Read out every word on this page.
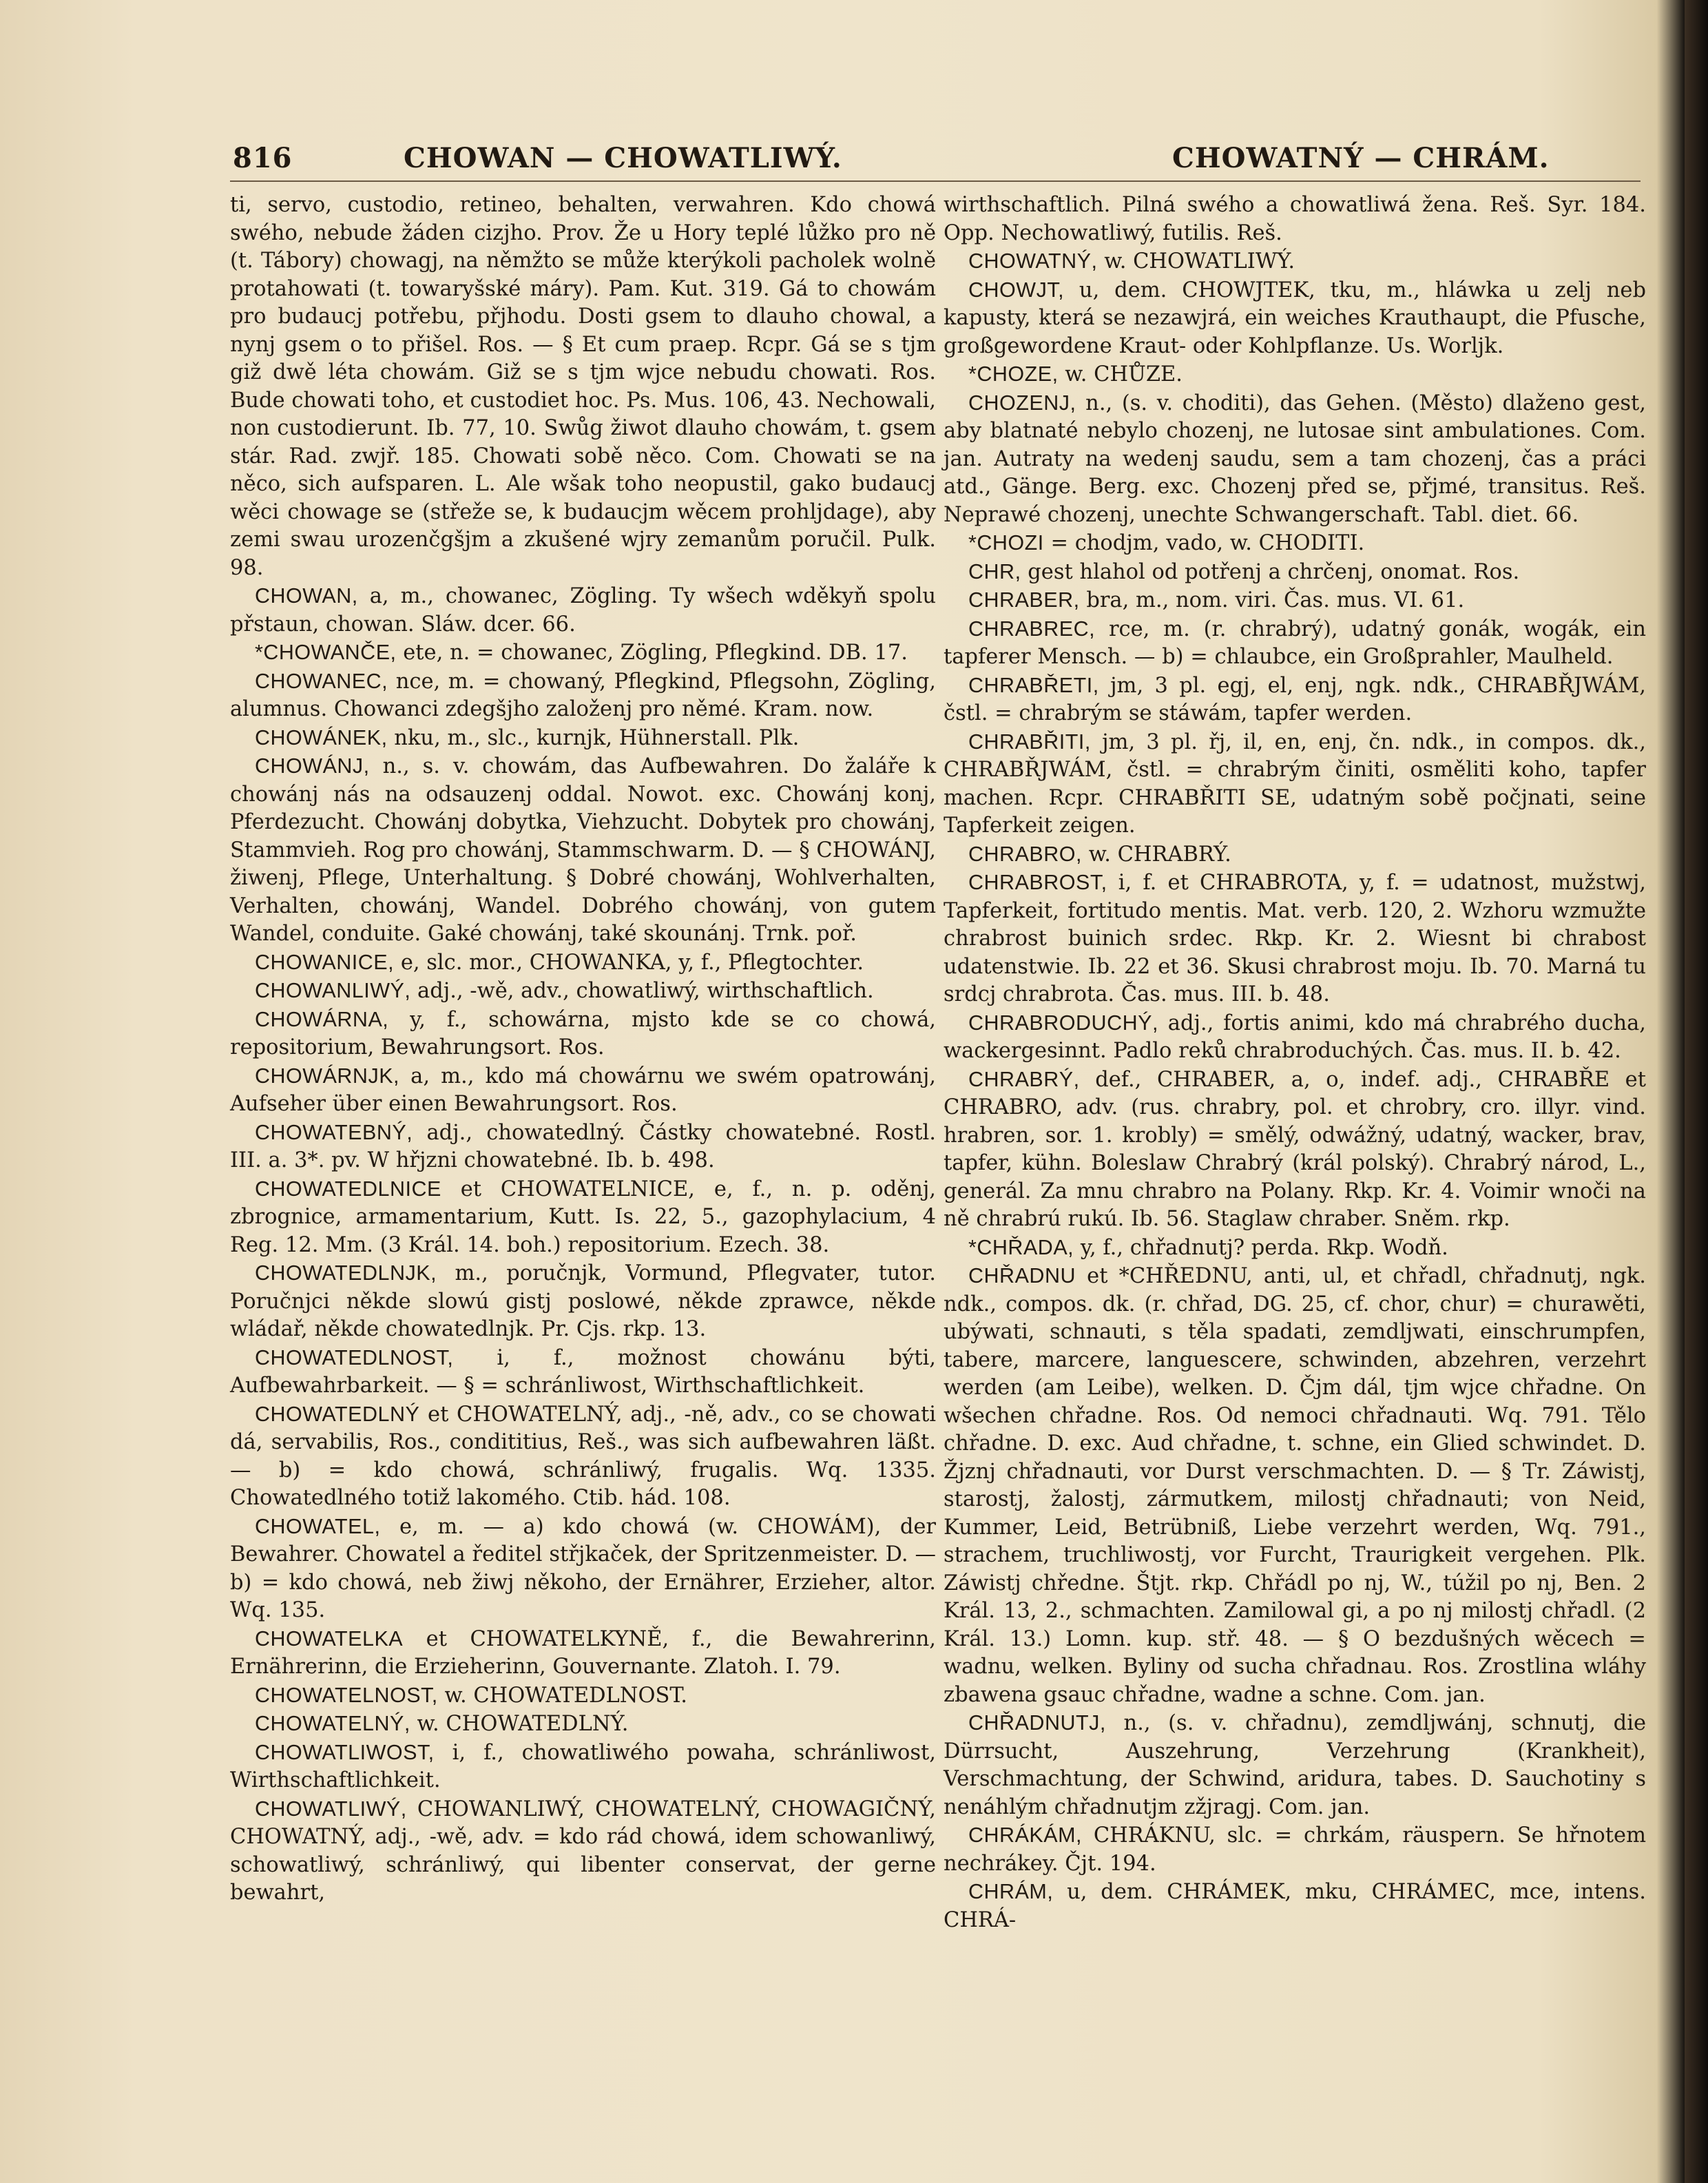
816	CHOWAN — CHOWATLIWÝ.	CHOWATNÝ — CHRÁM.

ti, servo, custodio, retineo, behalten, verwahren. Kdo chowá swého, nebude žáden cizjho. Prov. Že u Hory teplé lůžko pro ně (t. Tábory) chowagj, na němžto se může kterýkoli pacholek wolně protahowati (t. towaryšské máry). Pam. Kut. 319. Gá to chowám pro budaucj potřebu, přjhodu. Dosti gsem to dlauho chowal, a nynj gsem o to přišel. Ros. — § Et cum praep. Rcpr. Gá se s tjm giž dwě léta chowám. Giž se s tjm wjce nebudu chowati. Ros. Bude chowati toho, et custodiet hoc. Ps. Mus. 106, 43. Nechowali, non custodierunt. Ib. 77, 10. Swůg žiwot dlauho chowám, t. gsem stár. Rad. zwjř. 185. Chowati sobě něco. Com. Chowati se na něco, sich aufsparen. L. Ale wšak toho neopustil, gako budaucj wěci chowage se (střeže se, k budaucjm wěcem prohljdage), aby zemi swau urozenčgšjm a zkušené wjry zemanům poručil. Pulk. 98.

CHOWAN, a, m., chowanec, Zögling. Ty wšech wděkyň spolu přstaun, chowan. Sláw. dcer. 66.

*CHOWANČE, ete, n. = chowanec, Zögling, Pflegkind. DB. 17.

CHOWANEC, nce, m. = chowaný, Pflegkind, Pflegsohn, Zögling, alumnus. Chowanci zdegšjho založenj pro němé. Kram. now.

CHOWÁNEK, nku, m., slc., kurnjk, Hühnerstall. Plk.

CHOWÁNJ, n., s. v. chowám, das Aufbewahren. Do žaláře k chowánj nás na odsauzenj oddal. Nowot. exc. Chowánj konj, Pferdezucht. Chowánj dobytka, Viehzucht. Dobytek pro chowánj, Stammvieh. Rog pro chowánj, Stammschwarm. D. — § CHOWÁNJ, žiwenj, Pflege, Unterhaltung. § Dobré chowánj, Wohlverhalten, Verhalten, chowánj, Wandel. Dobrého chowánj, von gutem Wandel, conduite. Gaké chowánj, také skounánj. Trnk. poř.

CHOWANICE, e, slc. mor., CHOWANKA, y, f., Pflegtochter.

CHOWANLIWÝ, adj., -wě, adv., chowatliwý, wirthschaftlich.

CHOWÁRNA, y, f., schowárna, mjsto kde se co chowá, repositorium, Bewahrungsort. Ros.

CHOWÁRNJK, a, m., kdo má chowárnu we swém opatrowánj, Aufseher über einen Bewahrungsort. Ros.

CHOWATEBNÝ, adj., chowatedlný. Částky chowatebné. Rostl. III. a. 3*. pv. W hřjzni chowatebné. Ib. b. 498.

CHOWATEDLNICE et CHOWATELNICE, e, f., n. p. oděnj, zbrognice, armamentarium, Kutt. Is. 22, 5., gazophylacium, 4 Reg. 12. Mm. (3 Král. 14. boh.) repositorium. Ezech. 38.

CHOWATEDLNJK, m., poručnjk, Vormund, Pflegvater, tutor. Poručnjci někde slowú gistj poslowé, někde zprawce, někde wládař, někde chowatedlnjk. Pr. Cjs. rkp. 13.

CHOWATEDLNOST, i, f., možnost chowánu býti, Aufbewahrbarkeit. — § = schránliwost, Wirthschaftlichkeit.

CHOWATEDLNÝ et CHOWATELNÝ, adj., -ně, adv., co se chowati dá, servabilis, Ros., condititius, Reš., was sich aufbewahren läßt. — b) = kdo chowá, schránliwý, frugalis. Wq. 1335. Chowatedlného totiž lakomého. Ctib. hád. 108.

CHOWATEL, e, m. — a) kdo chowá (w. CHOWÁM), der Bewahrer. Chowatel a ředitel střjkaček, der Spritzenmeister. D. — b) = kdo chowá, neb žiwj někoho, der Ernährer, Erzieher, altor. Wq. 135.

CHOWATELKA et CHOWATELKYNĚ, f., die Bewahrerinn, Ernährerinn, die Erzieherinn, Gouvernante. Zlatoh. I. 79.

CHOWATELNOST, w. CHOWATEDLNOST.

CHOWATELNÝ, w. CHOWATEDLNÝ.

CHOWATLIWOST, i, f., chowatliwého powaha, schránliwost, Wirthschaftlichkeit.

CHOWATLIWÝ, CHOWANLIWÝ, CHOWATELNÝ, CHOWAGIČNÝ, CHOWATNÝ, adj., -wě, adv. = kdo rád chowá, idem schowanliwý, schowatliwý, schránliwý, qui libenter conservat, der gerne bewahrt,

wirthschaftlich. Pilná swého a chowatliwá žena. Reš. Syr. 184. Opp. Nechowatliwý, futilis. Reš.

CHOWATNÝ, w. CHOWATLIWÝ.

CHOWJT, u, dem. CHOWJTEK, tku, m., hláwka u zelj neb kapusty, která se nezawjrá, ein weiches Krauthaupt, die Pfusche, großgewordene Kraut- oder Kohlpflanze. Us. Worljk.

*CHOZE, w. CHŮZE.

CHOZENJ, n., (s. v. choditi), das Gehen. (Město) dlaženo gest, aby blatnaté nebylo chozenj, ne lutosae sint ambulationes. Com. jan. Autraty na wedenj saudu, sem a tam chozenj, čas a práci atd., Gänge. Berg. exc. Chozenj před se, přjmé, transitus. Reš. Neprawé chozenj, unechte Schwangerschaft. Tabl. diet. 66.

*CHOZI = chodjm, vado, w. CHODITI.

CHR, gest hlahol od potřenj a chrčenj, onomat. Ros.

CHRABER, bra, m., nom. viri. Čas. mus. VI. 61.

CHRABREC, rce, m. (r. chrabrý), udatný gonák, wogák, ein tapferer Mensch. — b) = chlaubce, ein Großprahler, Maulheld.

CHRABŘETI, jm, 3 pl. egj, el, enj, ngk. ndk., CHRABŘJWÁM, čstl. = chrabrým se stáwám, tapfer werden.

CHRABŘITI, jm, 3 pl. řj, il, en, enj, čn. ndk., in compos. dk., CHRABŘJWÁM, čstl. = chrabrým činiti, osměliti koho, tapfer machen. Rcpr. CHRABŘITI SE, udatným sobě počjnati, seine Tapferkeit zeigen.

CHRABRO, w. CHRABRÝ.

CHRABROST, i, f. et CHRABROTA, y, f. = udatnost, mužstwj, Tapferkeit, fortitudo mentis. Mat. verb. 120, 2. Wzhoru wzmužte chrabrost buinich srdec. Rkp. Kr. 2. Wiesnt bi chrabost udatenstwie. Ib. 22 et 36. Skusi chrabrost moju. Ib. 70. Marná tu srdcj chrabrota. Čas. mus. III. b. 48.

CHRABRODUCHÝ, adj., fortis animi, kdo má chrabrého ducha, wackergesinnt. Padlo reků chrabroduchých. Čas. mus. II. b. 42.

CHRABRÝ, def., CHRABER, a, o, indef. adj., CHRABŘE et CHRABRO, adv. (rus. chrabry, pol. et chrobry, cro. illyr. vind. hrabren, sor. 1. krobly) = smělý, odwážný, udatný, wacker, brav, tapfer, kühn. Boleslaw Chrabrý (král polský). Chrabrý národ, L., generál. Za mnu chrabro na Polany. Rkp. Kr. 4. Voimir wnoči na ně chrabrú rukú. Ib. 56. Staglaw chraber. Sněm. rkp.

*CHŘADA, y, f., chřadnutj? perda. Rkp. Wodň.

CHŘADNU et *CHŘEDNU, anti, ul, et chřadl, chřadnutj, ngk. ndk., compos. dk. (r. chřad, DG. 25, cf. chor, chur) = churawěti, ubýwati, schnauti, s těla spadati, zemdljwati, einschrumpfen, tabere, marcere, languescere, schwinden, abzehren, verzehrt werden (am Leibe), welken. D. Čjm dál, tjm wjce chřadne. On wšechen chřadne. Ros. Od nemoci chřadnauti. Wq. 791. Tělo chřadne. D. exc. Aud chřadne, t. schne, ein Glied schwindet. D. Žjznj chřadnauti, vor Durst verschmachten. D. — § Tr. Záwistj, starostj, žalostj, zármutkem, milostj chřadnauti; von Neid, Kummer, Leid, Betrübniß, Liebe verzehrt werden, Wq. 791., strachem, truchliwostj, vor Furcht, Traurigkeit vergehen. Plk. Záwistj chředne. Štjt. rkp. Chřádl po nj, W., túžil po nj, Ben. 2 Král. 13, 2., schmachten. Zamilowal gi, a po nj milostj chřadl. (2 Král. 13.) Lomn. kup. stř. 48. — § O bezdušných wěcech = wadnu, welken. Byliny od sucha chřadnau. Ros. Zrostlina wláhy zbawena gsauc chřadne, wadne a schne. Com. jan.

CHŘADNUTJ, n., (s. v. chřadnu), zemdljwánj, schnutj, die Dürrsucht, Auszehrung, Verzehrung (Krankheit), Verschmachtung, der Schwind, aridura, tabes. D. Sauchotiny s nenáhlým chřadnutjm zžjragj. Com. jan.

CHRÁKÁM, CHRÁKNU, slc. = chrkám, räuspern. Se hřnotem nechrákey. Čjt. 194.

CHRÁM, u, dem. CHRÁMEK, mku, CHRÁMEC, mce, intens. CHRÁ-
